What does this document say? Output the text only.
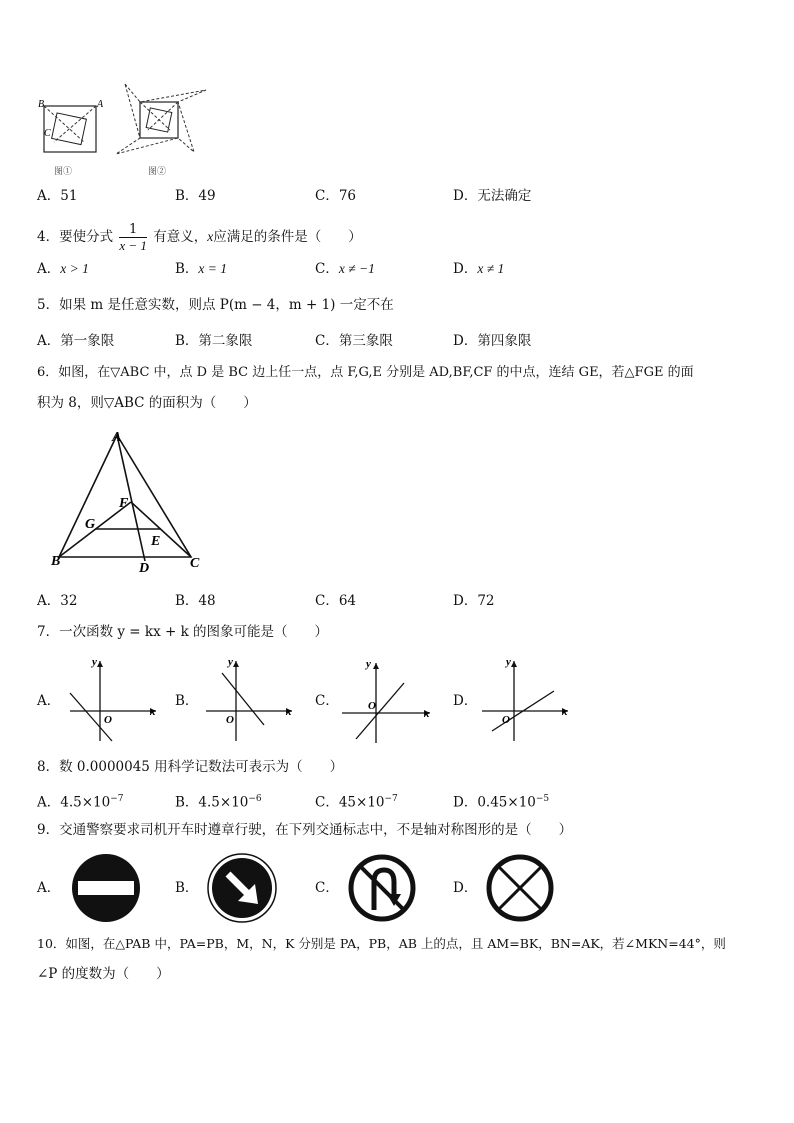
B	A
C
图①	图②
A．51	B．49	C．76	D．无法确定
4．要使分式 $\frac{1}{x - 1}$ 有意义，x应满足的条件是（　　）
A．x > 1	B．x = 1	C．x ≠ −1	D．x ≠ 1
5．如果 m 是任意实数，则点 P(m − 4，m + 1) 一定不在
A．第一象限	B．第二象限	C．第三象限	D．第四象限
6．如图，在▽ABC 中，点 D 是 BC 边上任一点，点 F,G,E 分别是 AD,BF,CF 的中点，连结 GE，若△FGE 的面
积为 8，则▽ABC 的面积为（　　）
A
F
G
E
B	D	C
A．32	B．48	C．64	D．72
7．一次函数 y = kx + k 的图象可能是（　　）
A．
y
x
O
B．
y
x
O
C．
y
x
O	D．
y
x
O
8．数 0.0000045 用科学记数法可表示为（　　）
A．$4.5\times 10^{-7}$	B．$4.5\times 10^{-6}$	C．$45\times 10^{-7}$	D．$0.45\times 10^{-5}$
9．交通警察要求司机开车时遵章行驶，在下列交通标志中，不是轴对称图形的是（　　）
A．	B．	C．	D．
10．如图，在△PAB 中，PA=PB，M，N，K 分别是 PA，PB，AB 上的点，且 AM=BK，BN=AK，若∠MKN=44°，则
∠P 的度数为（　　）
